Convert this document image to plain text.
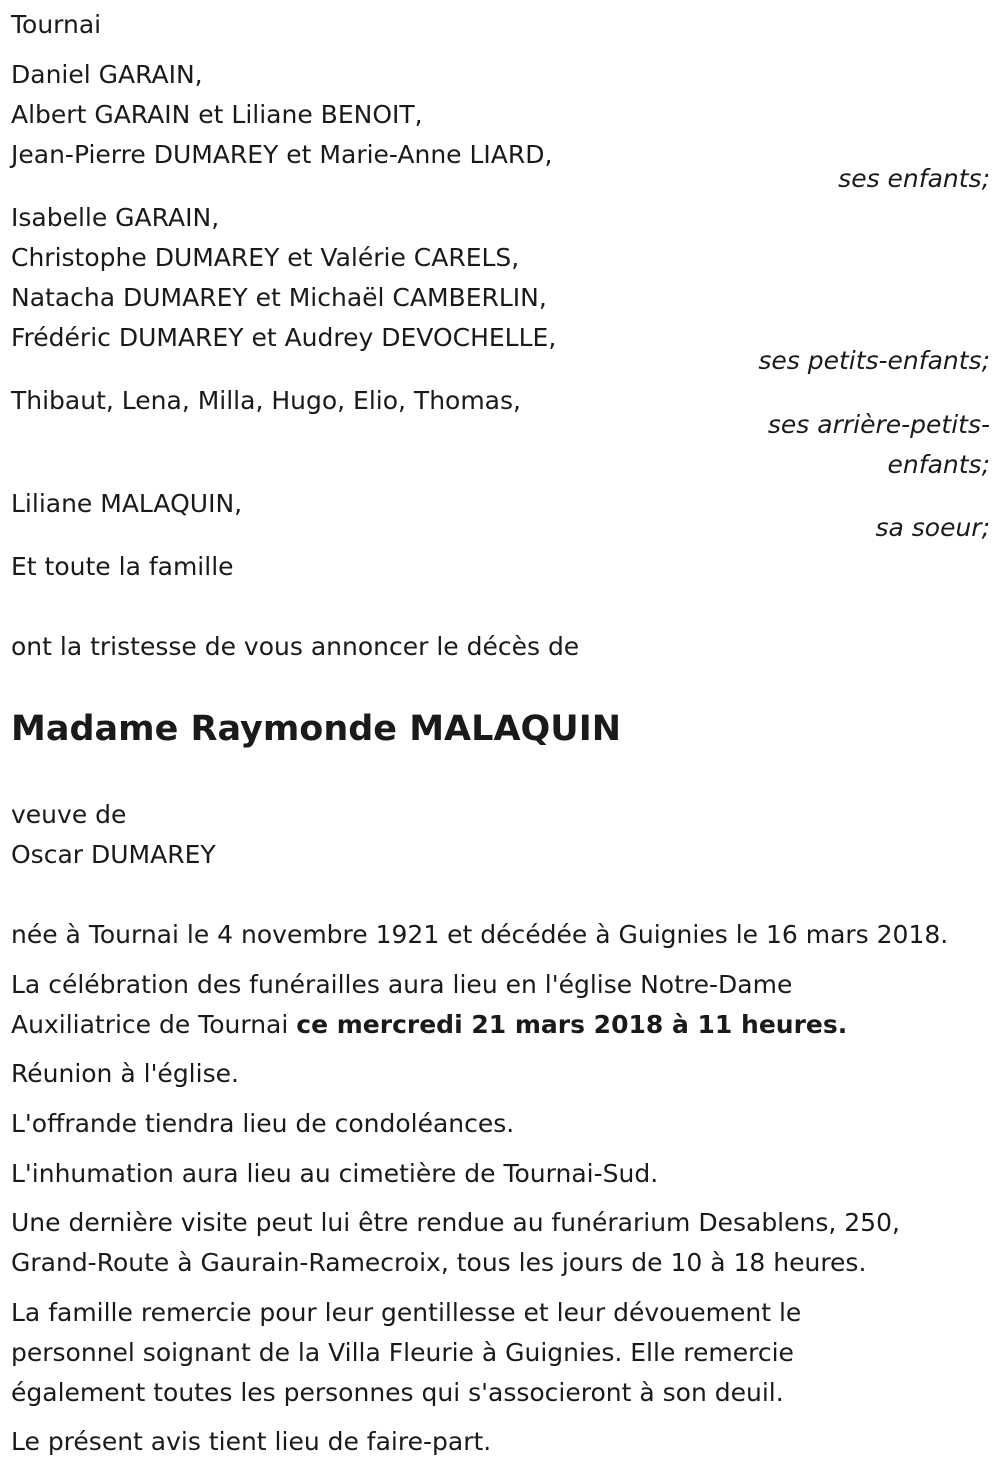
Tournai
Daniel GARAIN,
Albert GARAIN et Liliane BENOIT,
Jean-Pierre DUMAREY et Marie-Anne LIARD,
ses enfants;
Isabelle GARAIN,
Christophe DUMAREY et Valérie CARELS,
Natacha DUMAREY et Michaël CAMBERLIN,
Frédéric DUMAREY et Audrey DEVOCHELLE,
ses petits-enfants;
Thibaut, Lena, Milla, Hugo, Elio, Thomas,
ses arrière-petits-
enfants;
Liliane MALAQUIN,
sa soeur;
Et toute la famille
ont la tristesse de vous annoncer le décès de
Madame Raymonde MALAQUIN
veuve de
Oscar DUMAREY
née à Tournai le 4 novembre 1921 et décédée à Guignies le 16 mars 2018.
La célébration des funérailles aura lieu en l'église Notre-Dame
Auxiliatrice de Tournai ce mercredi 21 mars 2018 à 11 heures.
Réunion à l'église.
L'offrande tiendra lieu de condoléances.
L'inhumation aura lieu au cimetière de Tournai-Sud.
Une dernière visite peut lui être rendue au funérarium Desablens, 250,
Grand-Route à Gaurain-Ramecroix, tous les jours de 10 à 18 heures.
La famille remercie pour leur gentillesse et leur dévouement le
personnel soignant de la Villa Fleurie à Guignies. Elle remercie
également toutes les personnes qui s'associeront à son deuil.
Le présent avis tient lieu de faire-part.
